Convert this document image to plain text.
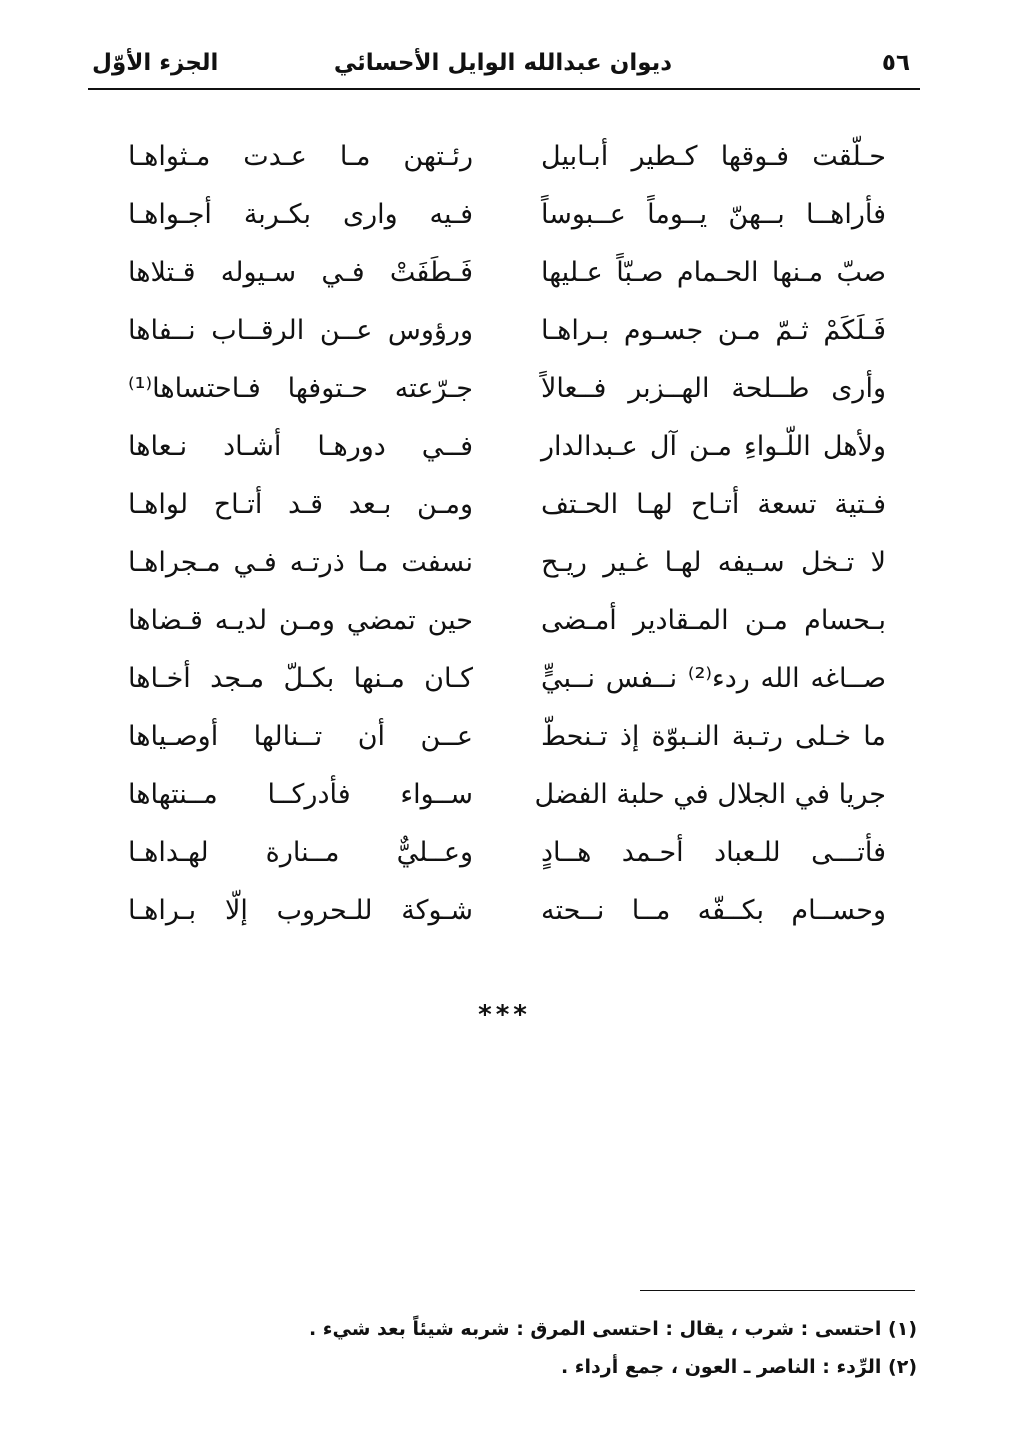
٥٦
ديوان عبدالله الوايل الأحسائي
الجزء الأوّل
حـلّقت فـوقها كـطير أبـابيل
رئـتهن مـا عـدت مـثواهـا
فأراهــا بــهنّ يــوماً عــبوساً
فـيه وارى بكـربة أجـواهـا
صبّ مـنها الحـمام صـبّاً عـليها
فَـطَفَتْ فـي سـيوله قـتلاها
فَـلَكَمْ ثـمّ مـن جسـوم بـراهـا
ورؤوس عــن الرقــاب نــفاها
وأرى طــلحة الهــزبر فــعالاً
جـرّعته حـتوفها فـاحتساها⁽¹⁾
ولأهل اللّـواءِ مـن آل عـبدالدار
فــي دورهـا أشـاد نـعاها
فـتية تسعة أتـاح لهـا الحـتف
ومـن بـعد قـد أتـاح لواهـا
لا تـخل سـيفه لهـا غـير ريـح
نسفت مـا ذرتـه فـي مـجراهـا
بـحسام مـن المـقادير أمـضى
حين تمضي ومـن لديـه قـضاها
صــاغه الله ردء⁽²⁾ نــفس نــبيٍّ
كـان مـنها بكـلّ مـجد أخـاها
ما خـلى رتـبة النـبوّة إذ تـنحطّ
عــن أن تــنالها أوصـياها
جريا في الجلال في حلبة الفضل
ســواء فأدركــا مــنتهاها
فأتـــى للـعباد أحـمد هــادٍ
وعــليٌّ مــنارة لهـداهـا
وحســام بكــفّه مــا نــحته
شـوكة للـحروب إلّا بـراهـا
***
(١) احتسى : شرب ، يقال : احتسى المرق : شربه شيئاً بعد شيء .
(٢) الرِّدء : الناصر ـ العون ، جمع أرداء .
